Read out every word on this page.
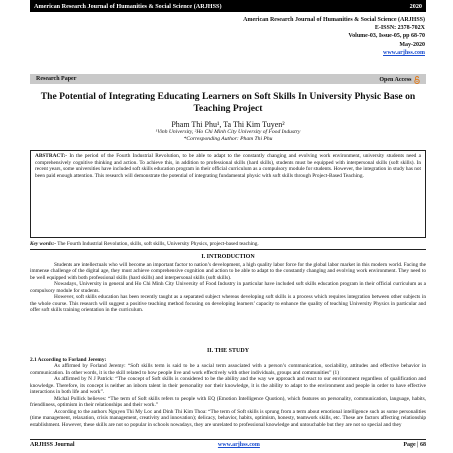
American Research Journal of Humanities & Social Science (ARJHSS)	2020
American Research Journal of Humanities & Social Science (ARJHSS)
E-ISSN: 2378-702X
Volume-03, Issue-05, pp 68-70
May-2020
www.arjhss.com
Research Paper	Open Access
The Potential of Integrating Educating Learners on Soft Skills In University Physic Base on Teaching Project
Pham Thi Phu¹, Ta Thi Kim Tuyen²
¹Vinh University, ²Ho Chi Minh City University of Food Industry
*Corresponding Author: Pham Thi Phu
ABSTRACT:- In the period of the Fourth Industrial Revolution, to be able to adapt to the constantly changing and evolving work environment, university students need a comprehensively cognitive thinking and action. To achieve this, in addition to professional skills (hard skills), students must be equipped with interpersonal skills (soft skills). In recent years, some universities have included soft skills education program in their official curriculum as a compulsory module for students. However, the integration in study has not been paid enough attention. This research will demonstrate the potential of integrating fundamental physic with soft skills through Project-Based Teaching.
Key words:- The Fourth Industrial Revolution, skills, soft skills, University Physics, project-based teaching.
I. INTRODUCTION

Students are intellectuals who will become an important factor to nation’s development, a high quality labor force for the global labor market in this modern world. Facing the immense challenge of the digital age, they must achieve comprehensive cognition and action to be able to adapt to the constantly changing and evolving work environment. They need to be well equipped with both professional skills (hard skills) and interpersonal skills (soft skills).

Nowadays, University in general and Ho Chi Minh City University of Food Industry in particular have included soft skills education program in their official curriculum as a compulsory module for students.

However, soft skills education has been recently taught as a separated subject whereas developing soft skills is a process which requires integration between other subjects in the whole course. This research will suggest a positive teaching method focusing on developing learners’ capacity to enhance the quality of teaching University Physics in particular and offer soft skills training orientation in the curriculum.

II. THE STUDY
2.1 According to Forland Jeremy:

As affirmed by Forland Jeremy: “Soft skills term is said to be a social term associated with a person’s communication, sociability, attitudes and effective behavior in communication. In other words, it is the skill related to how people live and work effectively with other individuals, groups and communities” (1)

As affirmed by N J Patrick: “The concept of Soft skills is considered to be the ability and the way we approach and react to our environment regardless of qualification and knowledge. Therefore, its concept is neither an inborn talent in their personality nor their knowledge, it is the ability to adapt to the environment and people in order to have effective interactions in both life and work”.

Michal Pollick believes: “The term of Soft skills refers to people with EQ (Emotion Intelligence Quotion), which features on personality, communication, language, habits, friendliness, optimism in their relationships and their work.”

According to the authors Nguyen Thi My Loc and Dinh Thi Kim Thoa: “The term of Soft skills is sprung from a term about emotional intelligence such as some personalities (time management, relaxation, crisis management, creativity and innovation); delicacy, behavior, habits, optimism, honesty, teamwork skills, etc. These are factors affecting relationship establishment. However, these skills are not so popular in schools nowadays, they are unrelated to professional knowledge and untouchable but they are not so special and they

ARJHSS Journal	www.arjhss.com	Page | 68
